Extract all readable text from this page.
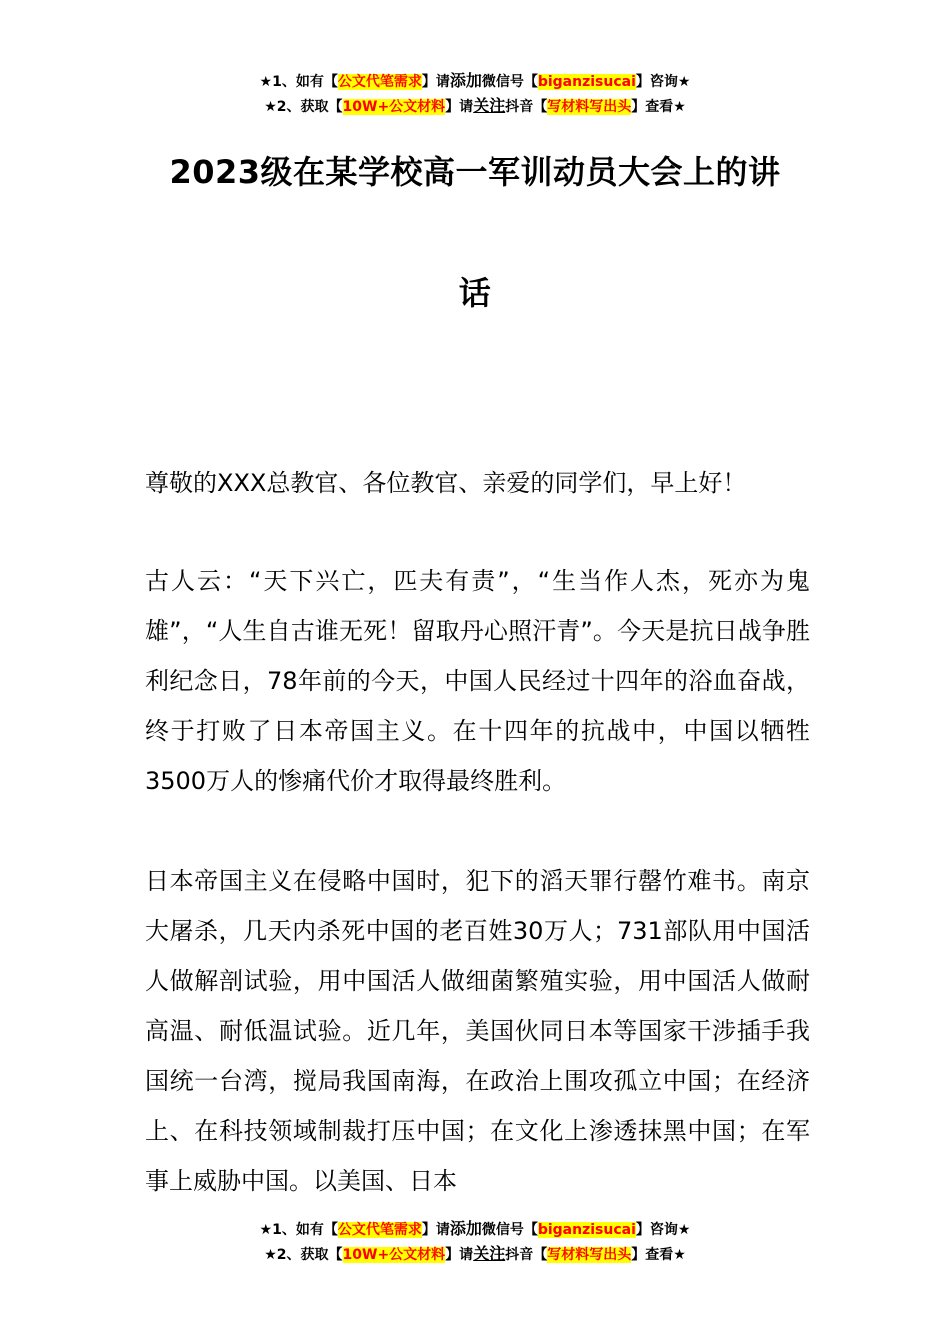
★1、如有【公文代笔需求】请添加微信号【biganzisucai】咨询★
★2、获取【10W+公文材料】请关注抖音【写材料写出头】查看★
2023级在某学校高一军训动员大会上的讲
话

尊敬的XXX总教官、各位教官、亲爱的同学们，早上好！

古人云：“天下兴亡，匹夫有责”，“生当作人杰，死亦为鬼雄”，“人生自古谁无死！留取丹心照汗青”。今天是抗日战争胜利纪念日，78年前的今天，中国人民经过十四年的浴血奋战，终于打败了日本帝国主义。在十四年的抗战中，中国以牺牲3500万人的惨痛代价才取得最终胜利。

日本帝国主义在侵略中国时，犯下的滔天罪行罄竹难书。南京大屠杀，几天内杀死中国的老百姓30万人；731部队用中国活人做解剖试验，用中国活人做细菌繁殖实验，用中国活人做耐高温、耐低温试验。近几年，美国伙同日本等国家干涉插手我国统一台湾，搅局我国南海，在政治上围攻孤立中国；在经济上、在科技领域制裁打压中国；在文化上渗透抹黑中国；在军事上威胁中国。以美国、日本

★1、如有【公文代笔需求】请添加微信号【biganzisucai】咨询★
★2、获取【10W+公文材料】请关注抖音【写材料写出头】查看★
